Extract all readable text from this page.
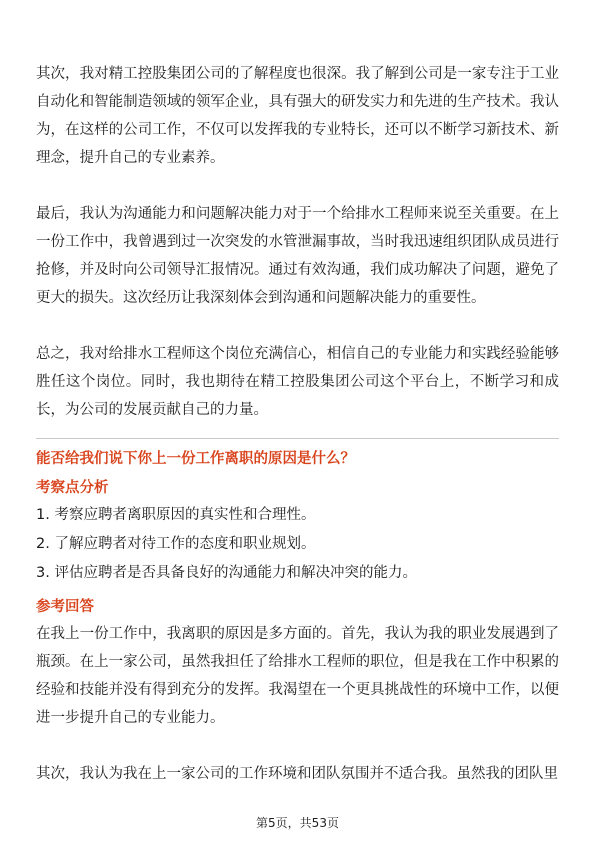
其次，我对精工控股集团公司的了解程度也很深。我了解到公司是一家专注于工业自动化和智能制造领域的领军企业，具有强大的研发实力和先进的生产技术。我认为，在这样的公司工作，不仅可以发挥我的专业特长，还可以不断学习新技术、新理念，提升自己的专业素养。

最后，我认为沟通能力和问题解决能力对于一个给排水工程师来说至关重要。在上一份工作中，我曾遇到过一次突发的水管泄漏事故，当时我迅速组织团队成员进行抢修，并及时向公司领导汇报情况。通过有效沟通，我们成功解决了问题，避免了更大的损失。这次经历让我深刻体会到沟通和问题解决能力的重要性。

总之，我对给排水工程师这个岗位充满信心，相信自己的专业能力和实践经验能够胜任这个岗位。同时，我也期待在精工控股集团公司这个平台上，不断学习和成长，为公司的发展贡献自己的力量。

能否给我们说下你上一份工作离职的原因是什么？

考察点分析

1. 考察应聘者离职原因的真实性和合理性。
2. 了解应聘者对待工作的态度和职业规划。
3. 评估应聘者是否具备良好的沟通能力和解决冲突的能力。

参考回答

在我上一份工作中，我离职的原因是多方面的。首先，我认为我的职业发展遇到了瓶颈。在上一家公司，虽然我担任了给排水工程师的职位，但是我在工作中积累的经验和技能并没有得到充分的发挥。我渴望在一个更具挑战性的环境中工作，以便进一步提升自己的专业能力。

其次，我认为我在上一家公司的工作环境和团队氛围并不适合我。虽然我的团队里

第5页，共53页
